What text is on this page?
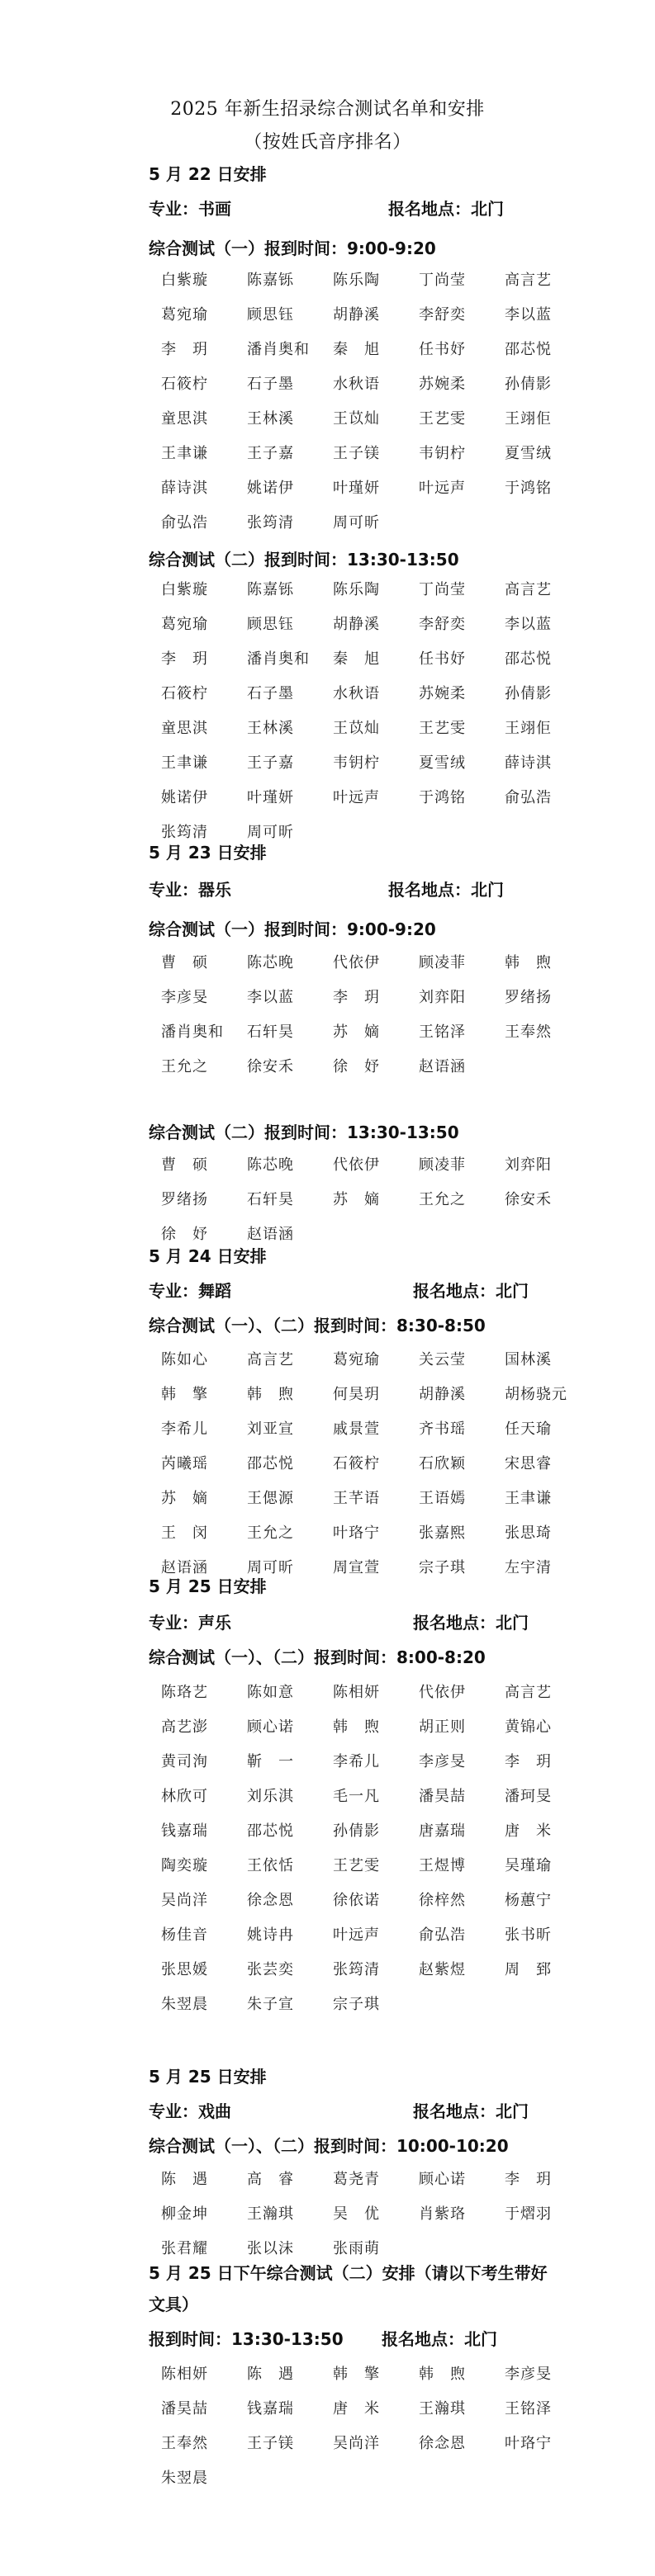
2025 年新生招录综合测试名单和安排
（按姓氏音序排名）
5 月 22 日安排
专业：书画	报名地点：北门
综合测试（一）报到时间：9:00-9:20
白紫璇	陈嘉铄	陈乐陶	丁尚莹	高言艺
葛宛瑜	顾思钰	胡静溪	李舒奕	李以蓝
李　玥	潘肖奥和	秦　旭	任书妤	邵芯悦
石筱柠	石子墨	水秋语	苏婉柔	孙倩影
童思淇	王林溪	王苡灿	王艺雯	王翊佢
王聿谦	王子嘉	王子镁	韦钥柠	夏雪绒
薛诗淇	姚诺伊	叶瑾妍	叶远声	于鸿铭
俞弘浩	张筠清	周可昕
综合测试（二）报到时间：13:30-13:50
白紫璇	陈嘉铄	陈乐陶	丁尚莹	高言艺
葛宛瑜	顾思钰	胡静溪	李舒奕	李以蓝
李　玥	潘肖奥和	秦　旭	任书妤	邵芯悦
石筱柠	石子墨	水秋语	苏婉柔	孙倩影
童思淇	王林溪	王苡灿	王艺雯	王翊佢
王聿谦	王子嘉	韦钥柠	夏雪绒	薛诗淇
姚诺伊	叶瑾妍	叶远声	于鸿铭	俞弘浩
张筠清	周可昕
5 月 23 日安排
专业：器乐	报名地点：北门
综合测试（一）报到时间：9:00-9:20
曹　硕	陈芯晚	代依伊	顾凌菲	韩　煦
李彦旻	李以蓝	李　玥	刘弈阳	罗绪扬
潘肖奥和	石轩昊	苏　嫡	王铭泽	王奉然
王允之	徐安禾	徐　妤	赵语涵
综合测试（二）报到时间：13:30-13:50
曹　硕	陈芯晚	代依伊	顾凌菲	刘弈阳
罗绪扬	石轩昊	苏　嫡	王允之	徐安禾
徐　妤	赵语涵
5 月 24 日安排
专业：舞蹈	报名地点：北门
综合测试（一）、（二）报到时间：8:30-8:50
陈如心	高言艺	葛宛瑜	关云莹	国林溪
韩　擎	韩　煦	何昊玥	胡静溪	胡杨骁元
李希儿	刘亚宣	戚景萱	齐书瑶	任天瑜
芮曦瑶	邵芯悦	石筱柠	石欣颖	宋思睿
苏　嫡	王偲源	王芊语	王语嫣	王聿谦
王　闵	王允之	叶珞宁	张嘉熙	张思琦
赵语涵	周可昕	周宣萱	宗子琪	左宇清
5 月 25 日安排
专业：声乐	报名地点：北门
综合测试（一）、（二）报到时间：8:00-8:20
陈珞艺	陈如意	陈相妍	代依伊	高言艺
高艺澎	顾心诺	韩　煦	胡正则	黄锦心
黄司洵	靳　一	李希儿	李彦旻	李　玥
林欣可	刘乐淇	毛一凡	潘昊喆	潘珂旻
钱嘉瑞	邵芯悦	孙倩影	唐嘉瑞	唐　米
陶奕璇	王依恬	王艺雯	王煜博	吴瑾瑜
吴尚洋	徐念恩	徐依诺	徐梓然	杨蕙宁
杨佳音	姚诗冉	叶远声	俞弘浩	张书昕
张思媛	张芸奕	张筠清	赵紫煜	周　郅
朱翌晨	朱子宣	宗子琪
5 月 25 日安排
专业：戏曲	报名地点：北门
综合测试（一）、（二）报到时间：10:00-10:20
陈　遇	高　睿	葛尧青	顾心诺	李　玥
柳金坤	王瀚琪	吴　优	肖紫珞	于熠羽
张君耀	张以沫	张雨萌
5 月 25 日下午综合测试（二）安排（请以下考生带好
文具）
报到时间：13:30-13:50 报名地点：北门
陈相妍	陈　遇	韩　擎	韩　煦	李彦旻
潘昊喆	钱嘉瑞	唐　米	王瀚琪	王铭泽
王奉然	王子镁	吴尚洋	徐念恩	叶珞宁
朱翌晨
